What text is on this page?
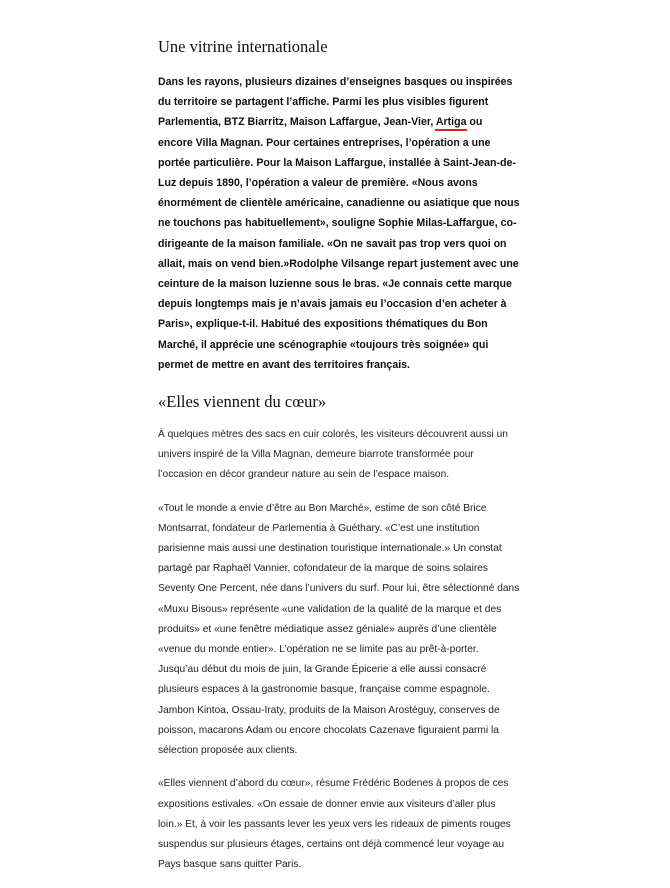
Une vitrine internationale

Dans les rayons, plusieurs dizaines d’enseignes basques ou inspirées du territoire se partagent l’affiche. Parmi les plus visibles figurent Parlementia, BTZ Biarritz, Maison Laffargue, Jean-Vier, Artiga ou encore Villa Magnan. Pour certaines entreprises, l’opération a une portée particulière. Pour la Maison Laffargue, installée à Saint-Jean-de-Luz depuis 1890, l’opération a valeur de première. «Nous avons énormément de clientèle américaine, canadienne ou asiatique que nous ne touchons pas habituellement», souligne Sophie Milas-Laffargue, co-dirigeante de la maison familiale. «On ne savait pas trop vers quoi on allait, mais on vend bien.»Rodolphe Vilsange repart justement avec une ceinture de la maison luzienne sous le bras. «Je connais cette marque depuis longtemps mais je n’avais jamais eu l’occasion d’en acheter à Paris», explique-t-il. Habitué des expositions thématiques du Bon Marché, il apprécie une scénographie «toujours très soignée» qui permet de mettre en avant des territoires français.

«Elles viennent du cœur»

À quelques mètres des sacs en cuir colorés, les visiteurs découvrent aussi un univers inspiré de la Villa Magnan, demeure biarrote transformée pour l’occasion en décor grandeur nature au sein de l’espace maison.

«Tout le monde a envie d’être au Bon Marché», estime de son côté Brice Montsarrat, fondateur de Parlementia à Guéthary. «C’est une institution parisienne mais aussi une destination touristique internationale.» Un constat partagé par Raphaël Vannier, cofondateur de la marque de soins solaires Seventy One Percent, née dans l’univers du surf. Pour lui, être sélectionné dans «Muxu Bisous» représente «une validation de la qualité de la marque et des produits» et «une fenêtre médiatique assez géniale» auprès d’une clientèle «venue du monde entier». L’opération ne se limite pas au prêt-à-porter. Jusqu’au début du mois de juin, la Grande Épicerie a elle aussi consacré plusieurs espaces à la gastronomie basque, française comme espagnole. Jambon Kintoa, Ossau-Iraty, produits de la Maison Arostéguy, conserves de poisson, macarons Adam ou encore chocolats Cazenave figuraient parmi la sélection proposée aux clients.

«Elles viennent d’abord du cœur», résume Frédéric Bodenes à propos de ces expositions estivales. «On essaie de donner envie aux visiteurs d’aller plus loin.» Et, à voir les passants lever les yeux vers les rideaux de piments rouges suspendus sur plusieurs étages, certains ont déjà commencé leur voyage au Pays basque sans quitter Paris.
